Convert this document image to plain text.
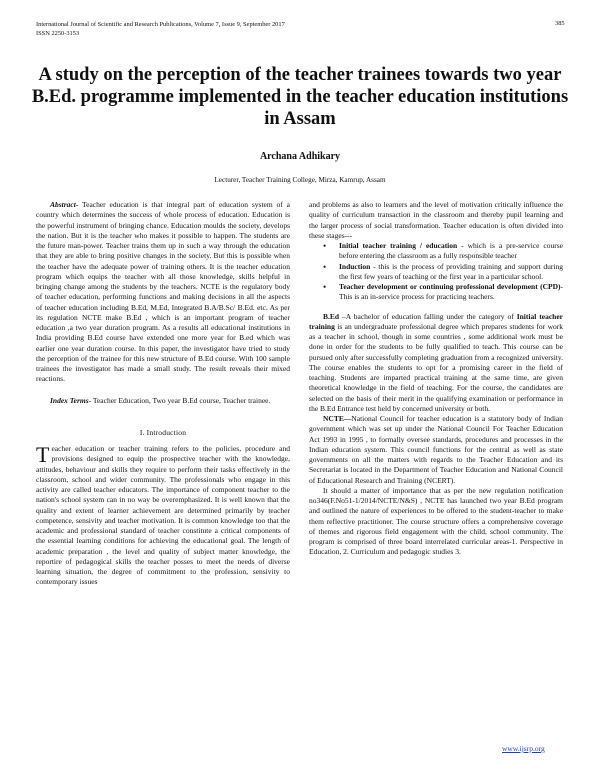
International Journal of Scientific and Research Publications, Volume 7, Issue 9, September 2017
ISSN 2250-3153
385
A study on the perception of the teacher trainees towards two year B.Ed. programme implemented in the teacher education institutions in Assam
Archana Adhikary
Lecturer, Teacher Training College, Mirza, Kamrup, Assam

Abstract- Teacher education is that integral part of education system of a country which determines the success of whole process of education. Education is the powerful instrument of bringing chance. Education moulds the society, develops the nation. But it is the teacher who makes it possible to happen. The students are the future man-power. Teacher trains them up in such a way through the education that they are able to bring positive changes in the society. But this is possible when the teacher have the adequate power of training others. It is the teacher education program which equips the teacher with all those knowledge, skills helpful in bringing change among the students by the teachers. NCTE is the regulatory body of teacher education, performing functions and making decisions in all the aspects of teacher education including B.Ed, M.Ed, Integrated B.A/B.Sc/ B.Ed. etc. As per its regulation NCTE make B.Ed , which is an important program of teacher education ,a two year duration program. As a results all educational institutions in India providing B.Ed course have extended one more year for B.ed which was earlier one year duration course. In this paper, the investigator have tried to study the perception of the trainee for this new structure of B.Ed course. With 100 sample trainees the investigator has made a small study. The result reveals their mixed reactions.

Index Terms- Teacher Education, Two year B.Ed course, Teacher trainee.

I. Introduction

Teacher education or teacher training refers to the policies, procedure and provisions designed to equip the prospective teacher with the knowledge, attitudes, behaviour and skills they require to perform their tasks effectively in the classroom, school and wider community. The professionals who engage in this activity are called teacher educators. The importance of component teacher to the nation's school system can in no way be overemphasized. It is well known that the quality and extent of learner achievement are determined primarily by teacher competence, sensivity and teacher motivation. It is common knowledge too that the academic and professional standard of teacher constitute a critical components of the essential learning conditions for achieving the educational goal. The length of academic preparation , the level and quality of subject matter knowledge, the reportire of pedagogical skills the teacher posses to meet the needs of diverse learning situation, the degree of commitment to the profession, sensivity to contemporary issues

and problems as also to learners and the level of motivation critically influence the quality of curriculum transaction in the classroom and thereby pupil learning and the larger process of social transformation. Teacher education is often divided into these stages---

• Initial teacher training / education - which is a pre-service course before entering the classroom as a fully responsible teacher
• Induction - this is the process of providing training and support during the first few years of teaching or the first year in a particular school.
• Teacher development or continuing professional development (CPD)- This is an in-service process for practicing teachers.

B.Ed –A bachelor of education falling under the category of Initial teacher training is an undergraduate professional degree which prepares students for work as a teacher in school, though in some countries , some additional work must be done in order for the students to be fully qualified to teach. This course can be pursued only after successfully completing graduation from a recognized university. The course enables the students to opt for a promising career in the field of teaching. Students are imparted practical training at the same time, are given theoretical knowledge in the field of teaching. For the course, the candidates are selected on the basis of their merit in the qualifying examination or performance in the B.Ed Entrance test held by concerned university or both.

NCTE—National Council for teacher education is a statutory body of Indian government which was set up under the National Council For Teacher Education Act 1993 in 1995 , to formally oversee standards, procedures and processes in the Indian education system. This council functions for the central as well as state governments on all the matters with regards to the Teacher Education and its Secretariat is located in the Department of Teacher Education and National Council of Educational Research and Training (NCERT).

It should a matter of importance that as per the new regulation notification no346(F.No51-1/2014/NCTE/N&S) , NCTE has launched two year B.Ed program and outlined the nature of experiences to be offered to the student-teacher to make them reflective practitioner. The course structure offers a comprehensive coverage of themes and rigorous field engagement with the child, school community. The program is comprised of three board interrelated curricular areas-1. Perspective in Education, 2. Curriculum and pedagogic studies 3.

www.ijsrp.org
